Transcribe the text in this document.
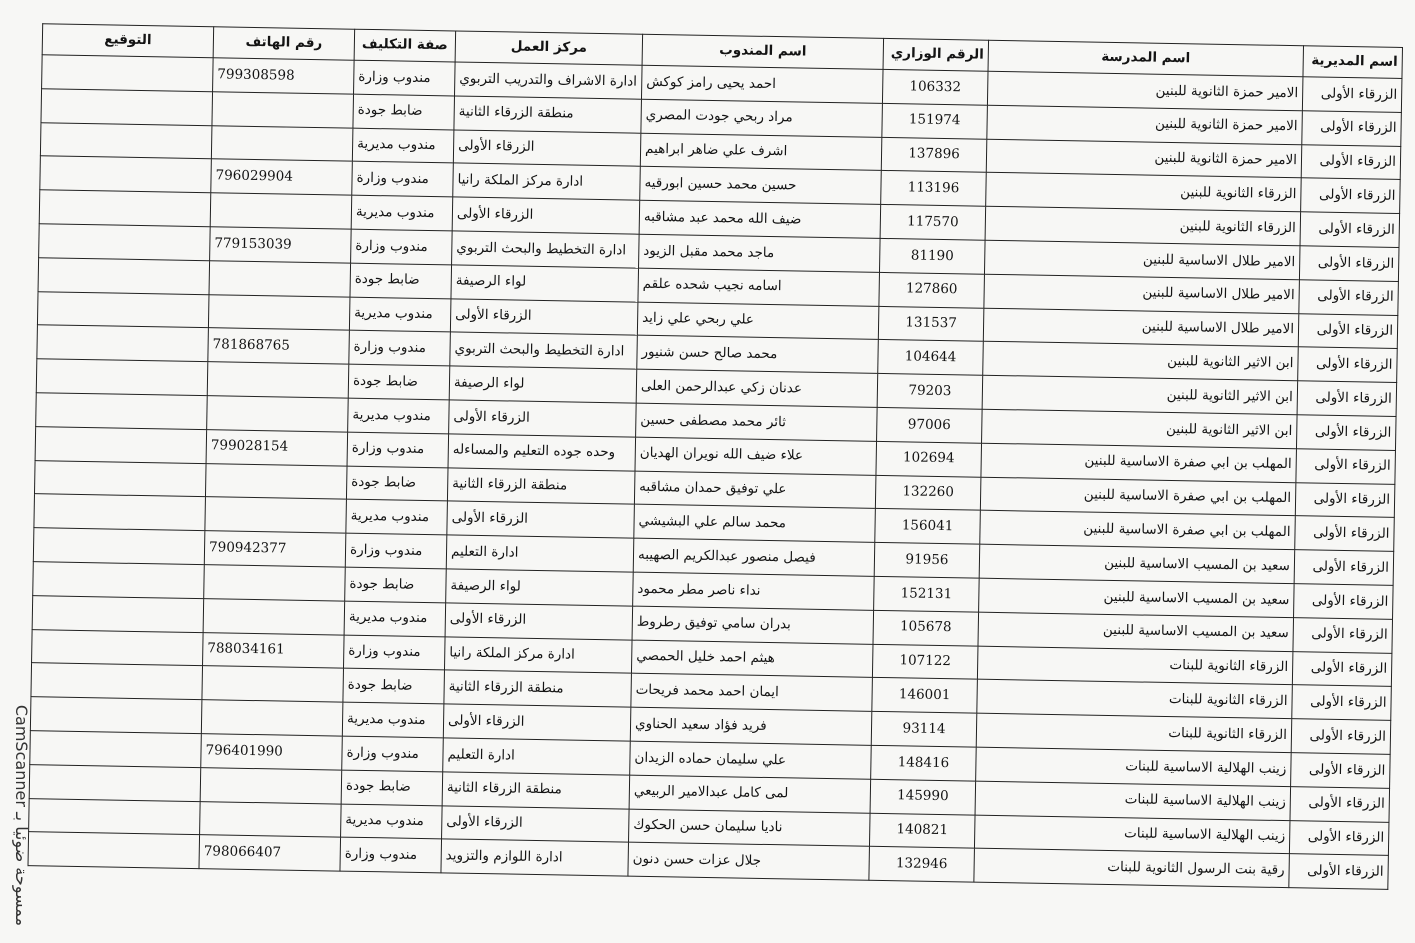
اسم المديرية	اسم المدرسة	الرقم الوزاري	اسم المندوب	مركز العمل	صفة التكليف	رقم الهاتف	التوقيع
الزرقاء الأولى	الامير حمزة الثانوية للبنين	106332	احمد يحيى رامز كوكش	ادارة الاشراف والتدريب التربوي	مندوب وزارة	799308598	
الزرقاء الأولى	الامير حمزة الثانوية للبنين	151974	مراد ربحي جودت المصري	منطقة الزرقاء الثانية	ضابط جودة		
الزرقاء الأولى	الامير حمزة الثانوية للبنين	137896	اشرف علي ضاهر ابراهيم	الزرقاء الأولى	مندوب مديرية		
الزرقاء الأولى	الزرقاء الثانوية للبنين	113196	حسين محمد حسين ابورقيه	ادارة مركز الملكة رانيا	مندوب وزارة	796029904	
الزرقاء الأولى	الزرقاء الثانوية للبنين	117570	ضيف الله محمد عبد مشاقبه	الزرقاء الأولى	مندوب مديرية		
الزرقاء الأولى	الامير طلال الاساسية للبنين	81190	ماجد محمد مقبل الزيود	ادارة التخطيط والبحث التربوي	مندوب وزارة	779153039	
الزرقاء الأولى	الامير طلال الاساسية للبنين	127860	اسامه نجيب شحده علقم	لواء الرصيفة	ضابط جودة		
الزرقاء الأولى	الامير طلال الاساسية للبنين	131537	علي ربحي علي زايد	الزرقاء الأولى	مندوب مديرية		
الزرقاء الأولى	ابن الاثير الثانوية للبنين	104644	محمد صالح حسن شنيور	ادارة التخطيط والبحث التربوي	مندوب وزارة	781868765	
الزرقاء الأولى	ابن الاثير الثانوية للبنين	79203	عدنان زكي عبدالرحمن العلى	لواء الرصيفة	ضابط جودة		
الزرقاء الأولى	ابن الاثير الثانوية للبنين	97006	ثائر محمد مصطفى حسين	الزرقاء الأولى	مندوب مديرية		
الزرقاء الأولى	المهلب بن ابي صفرة الاساسية للبنين	102694	علاء ضيف الله نويران الهديان	وحده جوده التعليم والمساءله	مندوب وزارة	799028154	
الزرقاء الأولى	المهلب بن ابي صفرة الاساسية للبنين	132260	علي توفيق حمدان مشاقبه	منطقة الزرقاء الثانية	ضابط جودة		
الزرقاء الأولى	المهلب بن ابي صفرة الاساسية للبنين	156041	محمد سالم علي البشيشي	الزرقاء الأولى	مندوب مديرية		
الزرقاء الأولى	سعيد بن المسيب الاساسية للبنين	91956	فيصل منصور عبدالكريم الصهيبه	ادارة التعليم	مندوب وزارة	790942377	
الزرقاء الأولى	سعيد بن المسيب الاساسية للبنين	152131	نداء ناصر مطر محمود	لواء الرصيفة	ضابط جودة		
الزرقاء الأولى	سعيد بن المسيب الاساسية للبنين	105678	بدران سامي توفيق رطروط	الزرقاء الأولى	مندوب مديرية		
الزرقاء الأولى	الزرقاء الثانوية للبنات	107122	هيثم احمد خليل الحمصي	ادارة مركز الملكة رانيا	مندوب وزارة	788034161	
الزرقاء الأولى	الزرقاء الثانوية للبنات	146001	ايمان احمد محمد فريحات	منطقة الزرقاء الثانية	ضابط جودة		
الزرقاء الأولى	الزرقاء الثانوية للبنات	93114	فريد فؤاد سعيد الحناوي	الزرقاء الأولى	مندوب مديرية		
الزرقاء الأولى	زينب الهلالية الاساسية للبنات	148416	علي سليمان حماده الزيدان	ادارة التعليم	مندوب وزارة	796401990	
الزرقاء الأولى	زينب الهلالية الاساسية للبنات	145990	لمى كامل عبدالامير الربيعي	منطقة الزرقاء الثانية	ضابط جودة		
الزرقاء الأولى	زينب الهلالية الاساسية للبنات	140821	ناديا سليمان حسن الحكوك	الزرقاء الأولى	مندوب مديرية		
الزرقاء الأولى	رقية بنت الرسول الثانوية للبنات	132946	جلال عزات حسن دنون	ادارة اللوازم والتزويد	مندوب وزارة	798066407	
CamScanner ممسوحة ضوئيا بـ
